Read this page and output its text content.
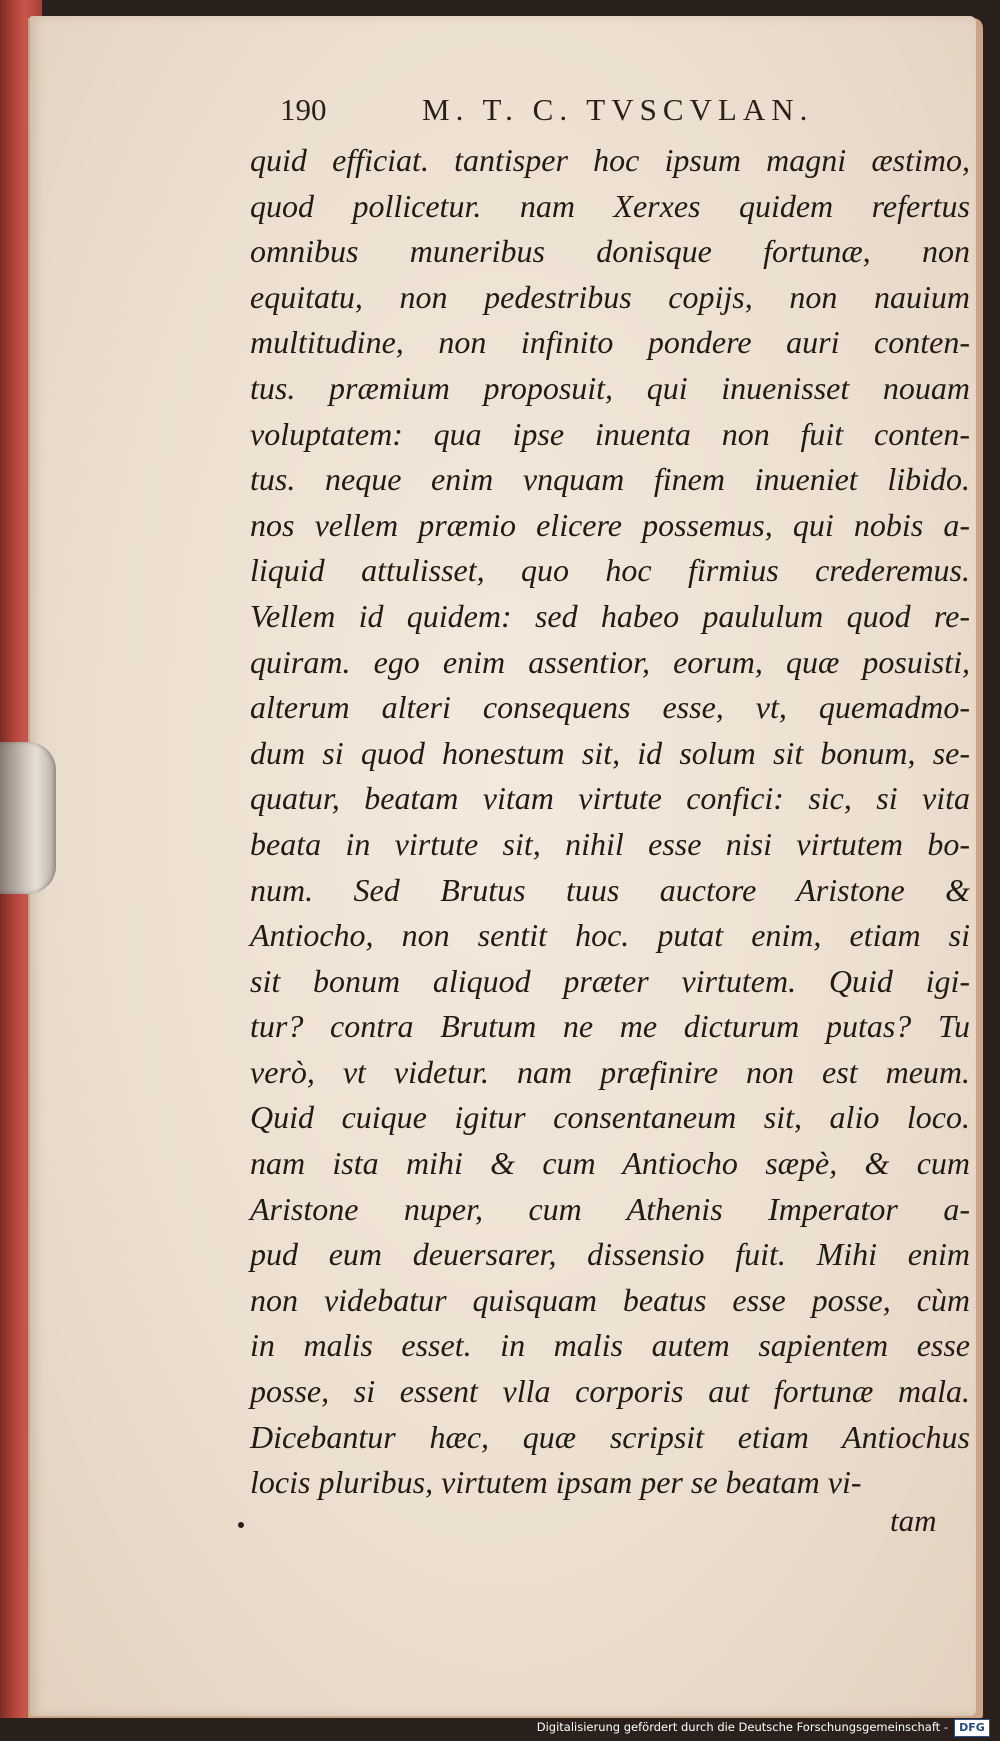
190	M. T. C. TVSCVLAN.
quid efficiat. tantisper hoc ipsum magni æstimo,
quod pollicetur. nam Xerxes quidem refertus
omnibus muneribus donisque fortunæ, non
equitatu, non pedestribus copijs, non nauium
multitudine, non infinito pondere auri conten-
tus. præmium proposuit, qui inuenisset nouam
voluptatem: qua ipse inuenta non fuit conten-
tus. neque enim vnquam finem inueniet libido.
nos vellem præmio elicere possemus, qui nobis a-
liquid attulisset, quo hoc firmius crederemus.
Vellem id quidem: sed habeo paululum quod re-
quiram. ego enim assentior, eorum, quæ posuisti,
alterum alteri consequens esse, vt, quemadmo-
dum si quod honestum sit, id solum sit bonum, se-
quatur, beatam vitam virtute confici: sic, si vita
beata in virtute sit, nihil esse nisi virtutem bo-
num. Sed Brutus tuus auctore Aristone &
Antiocho, non sentit hoc. putat enim, etiam si
sit bonum aliquod præter virtutem. Quid igi-
tur? contra Brutum ne me dicturum putas? Tu
verò, vt videtur. nam præfinire non est meum.
Quid cuique igitur consentaneum sit, alio loco.
nam ista mihi & cum Antiocho sæpè, & cum
Aristone nuper, cum Athenis Imperator a-
pud eum deuersarer, dissensio fuit. Mihi enim
non videbatur quisquam beatus esse posse, cùm
in malis esset. in malis autem sapientem esse
posse, si essent vlla corporis aut fortunæ mala.
Dicebantur hæc, quæ scripsit etiam Antiochus
locis pluribus, virtutem ipsam per se beatam vi-
tam
Digitalisierung gefördert durch die Deutsche Forschungsgemeinschaft -	DFG
